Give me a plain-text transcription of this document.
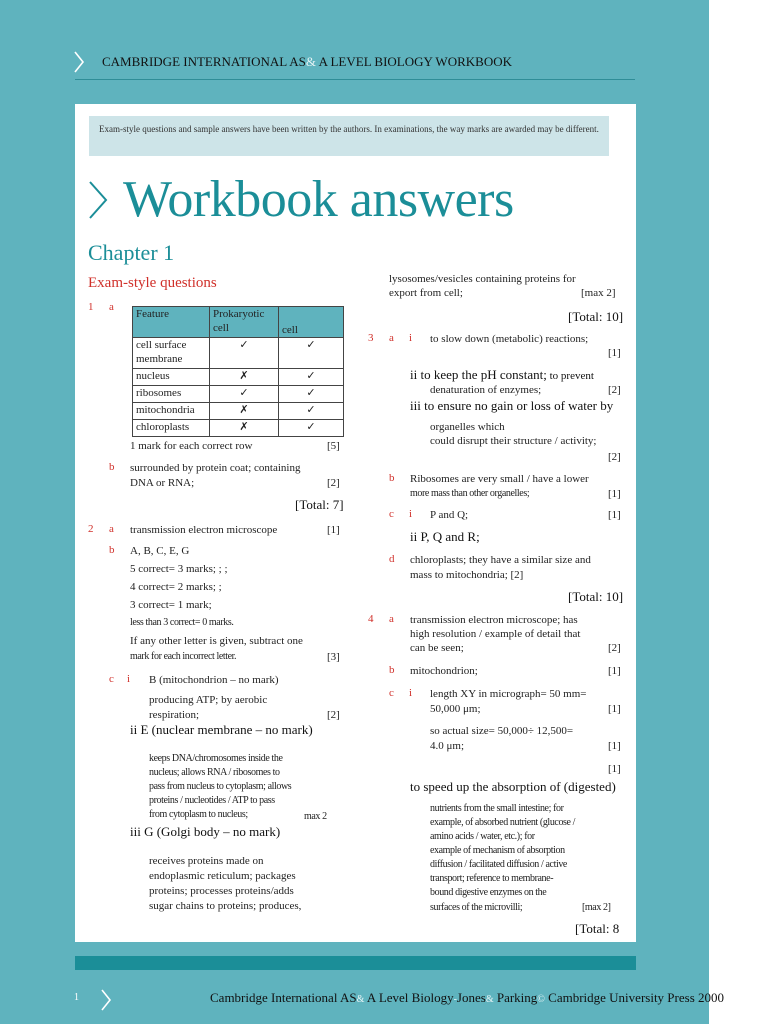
CAMBRIDGE INTERNATIONAL AS& A LEVEL BIOLOGY WORKBOOK
Exam-style questions and sample answers have been written by the authors. In examinations, the way marks are awarded may be different.
Workbook answers
Chapter 1
Exam-style questions
1 a
Feature	Prokaryotic cell	cell
cell surface membrane	✓	✓
nucleus	✗	✓
ribosomes	✓	✓
mitochondria	✗	✓
chloroplasts	✗	✓
1 mark for each correct row	[5]
b surrounded by protein coat; containing
DNA or RNA;	[2]
[Total: 7]
2 a transmission electron microscope	[1]
b A, B, C, E, G
5 correct= 3 marks; ; ;
4 correct= 2 marks; ;
3 correct= 1 mark;
less than 3 correct= 0 marks.
If any other letter is given, subtract one
mark for each incorrect letter.	[3]
c i B (mitochondrion – no mark)
producing ATP; by aerobic
respiration;	[2]
ii E (nuclear membrane – no mark)
keeps DNA/chromosomes inside the
nucleus; allows RNA / ribosomes to
pass from nucleus to cytoplasm; allows
proteins / nucleotides / ATP to pass
from cytoplasm to nucleus;	max 2
iii G (Golgi body – no mark)
receives proteins made on
endoplasmic reticulum; packages
proteins; processes proteins/adds
sugar chains to proteins; produces,
lysosomes/vesicles containing proteins for
export from cell;	[max 2]
[Total: 10]
3 a i to slow down (metabolic) reactions;
[1]
ii to keep the pH constant; to prevent
denaturation of enzymes;	[2]
iii to ensure no gain or loss of water by
organelles which
could disrupt their structure / activity;
[2]
b Ribosomes are very small / have a lower
more mass than other organelles;	[1]
c i P and Q;	[1]
ii P, Q and R;
d chloroplasts; they have a similar size and
mass to mitochondria; [2]
[Total: 10]
4 a transmission electron microscope; has
high resolution / example of detail that
can be seen;	[2]
b mitochondrion;	[1]
c i length XY in micrograph= 50 mm=
50,000 μm;	[1]
so actual size= 50,000÷ 12,500=
4.0 μm;	[1]
[1]
to speed up the absorption of (digested)
nutrients from the small intestine; for
example, of absorbed nutrient (glucose /
amino acids / water, etc.); for
example of mechanism of absorption
diffusion / facilitated diffusion / active
transport; reference to membrane-
bound digestive enzymes on the
surfaces of the microvilli;	[max 2]
[Total: 8
1	Cambridge International AS& A Level Biology-Jones& Parking© Cambridge University Press 2000
